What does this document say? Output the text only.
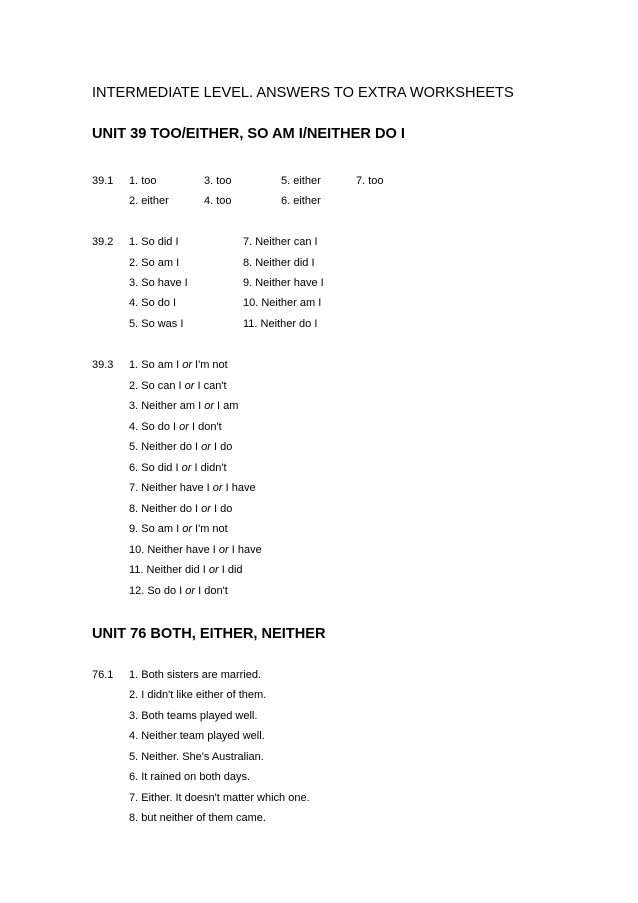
INTERMEDIATE LEVEL. ANSWERS TO EXTRA WORKSHEETS
UNIT 39 TOO/EITHER, SO AM I/NEITHER DO I
39.1 1. too	3. too	5. either	7. too
2. either	4. too	6. either
39.2 1. So did I	7. Neither can I
2. So am I	8. Neither did I
3. So have I	9. Neither have I
4. So do I	10. Neither am I
5. So was I	11. Neither do I
39.3 1. So am I or I'm not
2. So can I or I can't
3. Neither am I or I am
4. So do I or I don't
5. Neither do I or I do
6. So did I or I didn't
7. Neither have I or I have
8. Neither do I or I do
9. So am I or I'm not
10. Neither have I or I have
11. Neither did I or I did
12. So do I or I don't
UNIT 76 BOTH, EITHER, NEITHER
76.1 1. Both sisters are married.
2. I didn't like either of them.
3. Both teams played well.
4. Neither team played well.
5. Neither. She's Australian.
6. It rained on both days.
7. Either. It doesn't matter which one.
8. but neither of them came.
